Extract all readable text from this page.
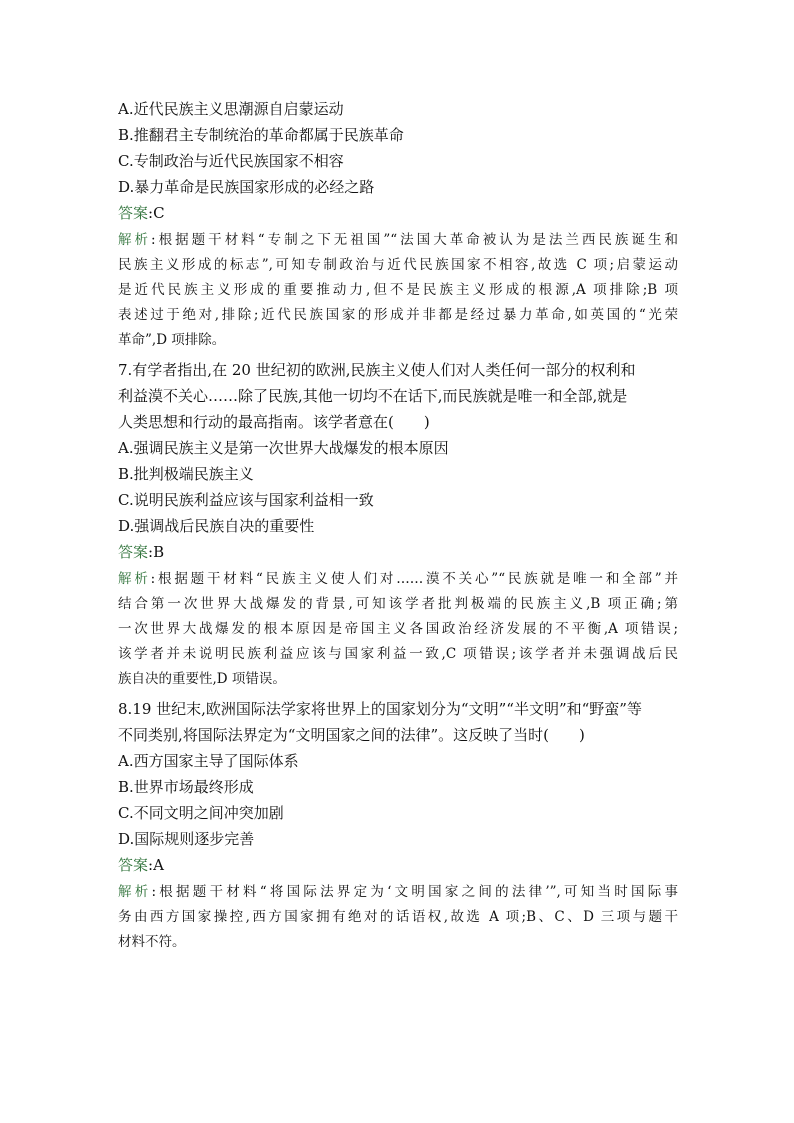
A.近代民族主义思潮源自启蒙运动
B.推翻君主专制统治的革命都属于民族革命
C.专制政治与近代民族国家不相容
D.暴力革命是民族国家形成的必经之路
答案:C
解析:根据题干材料“专制之下无祖国”“法国大革命被认为是法兰西民族诞生和
民族主义形成的标志”,可知专制政治与近代民族国家不相容,故选 C 项;启蒙运动
是近代民族主义形成的重要推动力,但不是民族主义形成的根源,A 项排除;B 项
表述过于绝对,排除;近代民族国家的形成并非都是经过暴力革命,如英国的“光荣
革命”,D 项排除。
7.有学者指出,在 20 世纪初的欧洲,民族主义使人们对人类任何一部分的权利和
利益漠不关心……除了民族,其他一切均不在话下,而民族就是唯一和全部,就是
人类思想和行动的最高指南。该学者意在(　　)
A.强调民族主义是第一次世界大战爆发的根本原因
B.批判极端民族主义
C.说明民族利益应该与国家利益相一致
D.强调战后民族自决的重要性
答案:B
解析:根据题干材料“民族主义使人们对……漠不关心”“民族就是唯一和全部”并
结合第一次世界大战爆发的背景,可知该学者批判极端的民族主义,B 项正确;第
一次世界大战爆发的根本原因是帝国主义各国政治经济发展的不平衡,A 项错误;
该学者并未说明民族利益应该与国家利益一致,C 项错误;该学者并未强调战后民
族自决的重要性,D 项错误。
8.19 世纪末,欧洲国际法学家将世界上的国家划分为“文明”“半文明”和“野蛮”等
不同类别,将国际法界定为“文明国家之间的法律”。这反映了当时(　　)
A.西方国家主导了国际体系
B.世界市场最终形成
C.不同文明之间冲突加剧
D.国际规则逐步完善
答案:A
解析:根据题干材料“将国际法界定为‘文明国家之间的法律’”,可知当时国际事
务由西方国家操控,西方国家拥有绝对的话语权,故选 A 项;B、C、D 三项与题干
材料不符。
